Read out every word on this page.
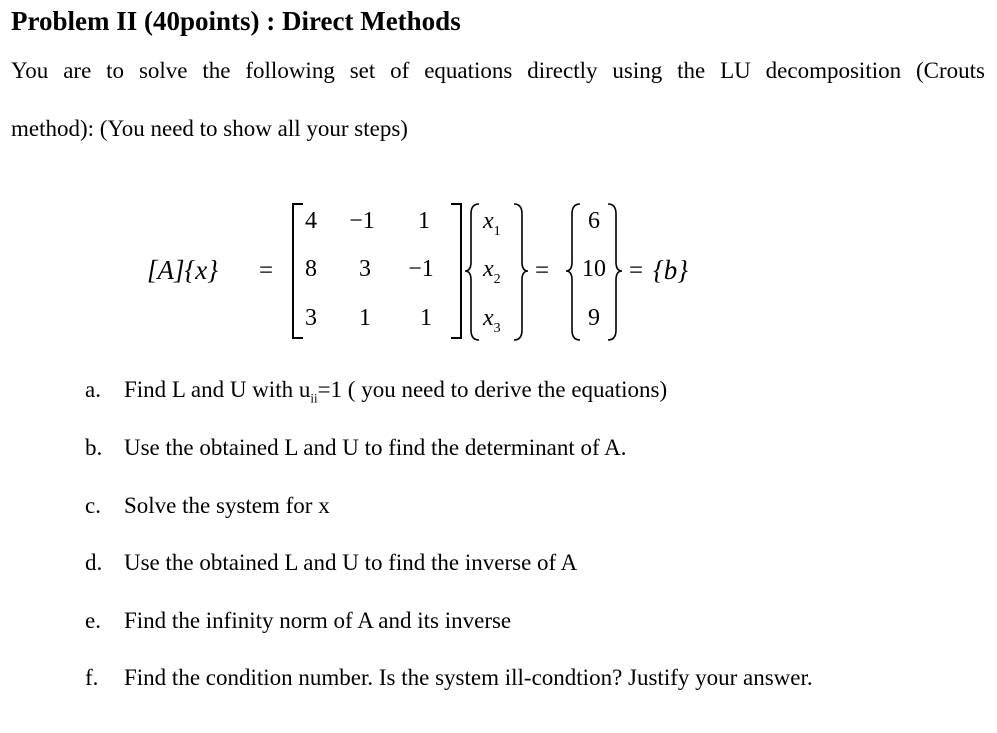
Problem II (40points) : Direct Methods
You are to solve the following set of equations directly using the LU decomposition (Crouts
method): (You need to show all your steps)
[A]{x} =
4 −1 1
8 3 −1
3 1 1
$x_1$
$x_2$
$x_3$
=
6
10
9
= {b}
a. Find L and U with $u_{ii}=1$ ( you need to derive the equations)
b. Use the obtained L and U to find the determinant of A.
c. Solve the system for x
d. Use the obtained L and U to find the inverse of A
e. Find the infinity norm of A and its inverse
f. Find the condition number. Is the system ill-condtion? Justify your answer.
